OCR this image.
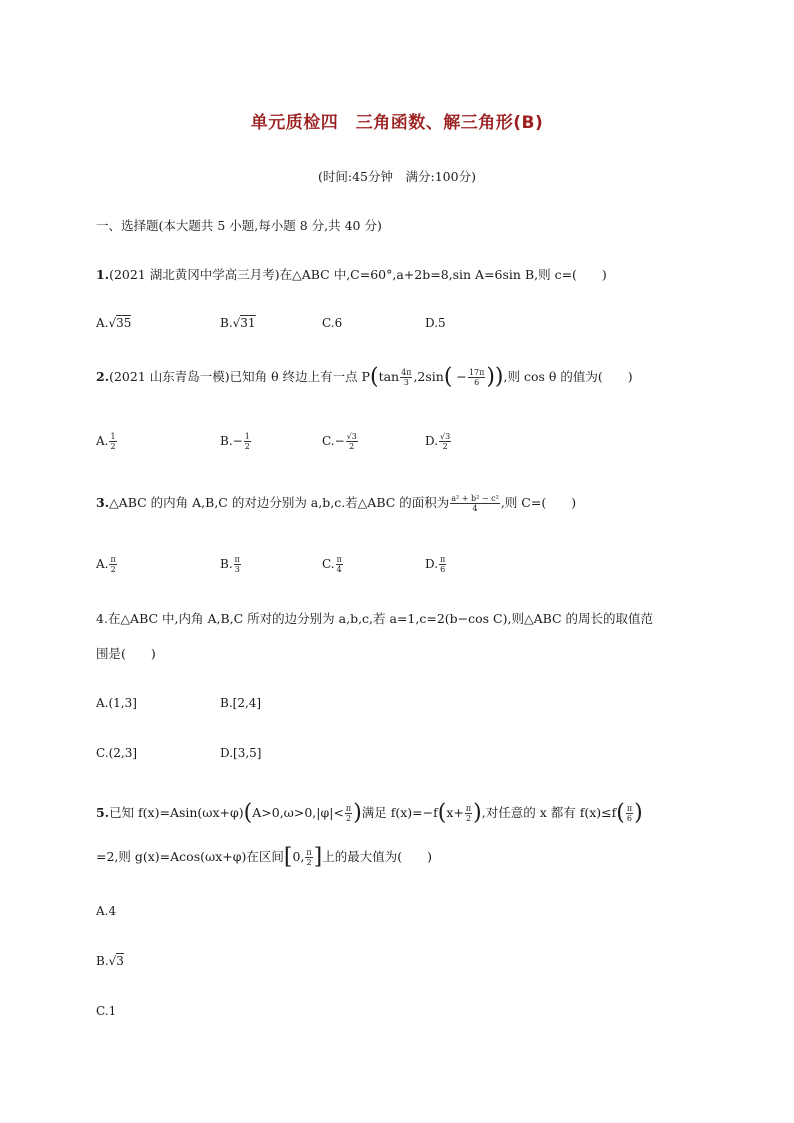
单元质检四　三角函数、解三角形(B)
(时间:45分钟　满分:100分)
一、选择题(本大题共 5 小题,每小题 8 分,共 40 分)
1.(2021 湖北黄冈中学高三月考)在△ABC 中,C=60°,a+2b=8,sin A=6sin B,则 c=(　　)
A.√35	B.√31	C.6	D.5
2.(2021 山东青岛一模)已知角 θ 终边上有一点 $P(\tan \frac{4\pi}{3} ,2\sin( - \frac{17\pi}{6}$ )),则 cos θ 的值为(　　)
A. $\frac{1}{2}$	$B.- \frac{1}{2}$	$C.- \frac{√3}{2}$	D. $\frac{√3}{2}$
3.△ABC 的内角 A,B,C 的对边分别为 a,b,c.若△ABC 的面积为 $\frac{\text{a² + b² − c²}}{4}$ ,则 C=(　　)
A. $\frac{\pi}{2}$	B. $\frac{\pi}{3}$	C. $\frac{\pi}{4}$	D. $\frac{\pi}{6}$
4.在△ABC 中,内角 A,B,C 所对的边分别为 a,b,c,若 a=1,c=2(b−cos C),则△ABC 的周长的取值范
围是(　　)
A.(1,3]	B.[2,4]
C.(2,3]	D.[3,5]
5.已知 $f(x)=Asin(\omega x+\varphi)(A>0,\omega>0,|\varphi|< \frac{\pi}{2}$ )满足 $f(x)=-f(x+ \frac{\pi}{2}$ ),对任意的 x 都有 $f(x)\le f( \frac{\pi}{6}$ )
=2,则 g(x)=Acos(ωx+φ)在区间[0, $\frac{\pi}{2}$ ]上的最大值为(　　)
A.4
B.√3
C.1
